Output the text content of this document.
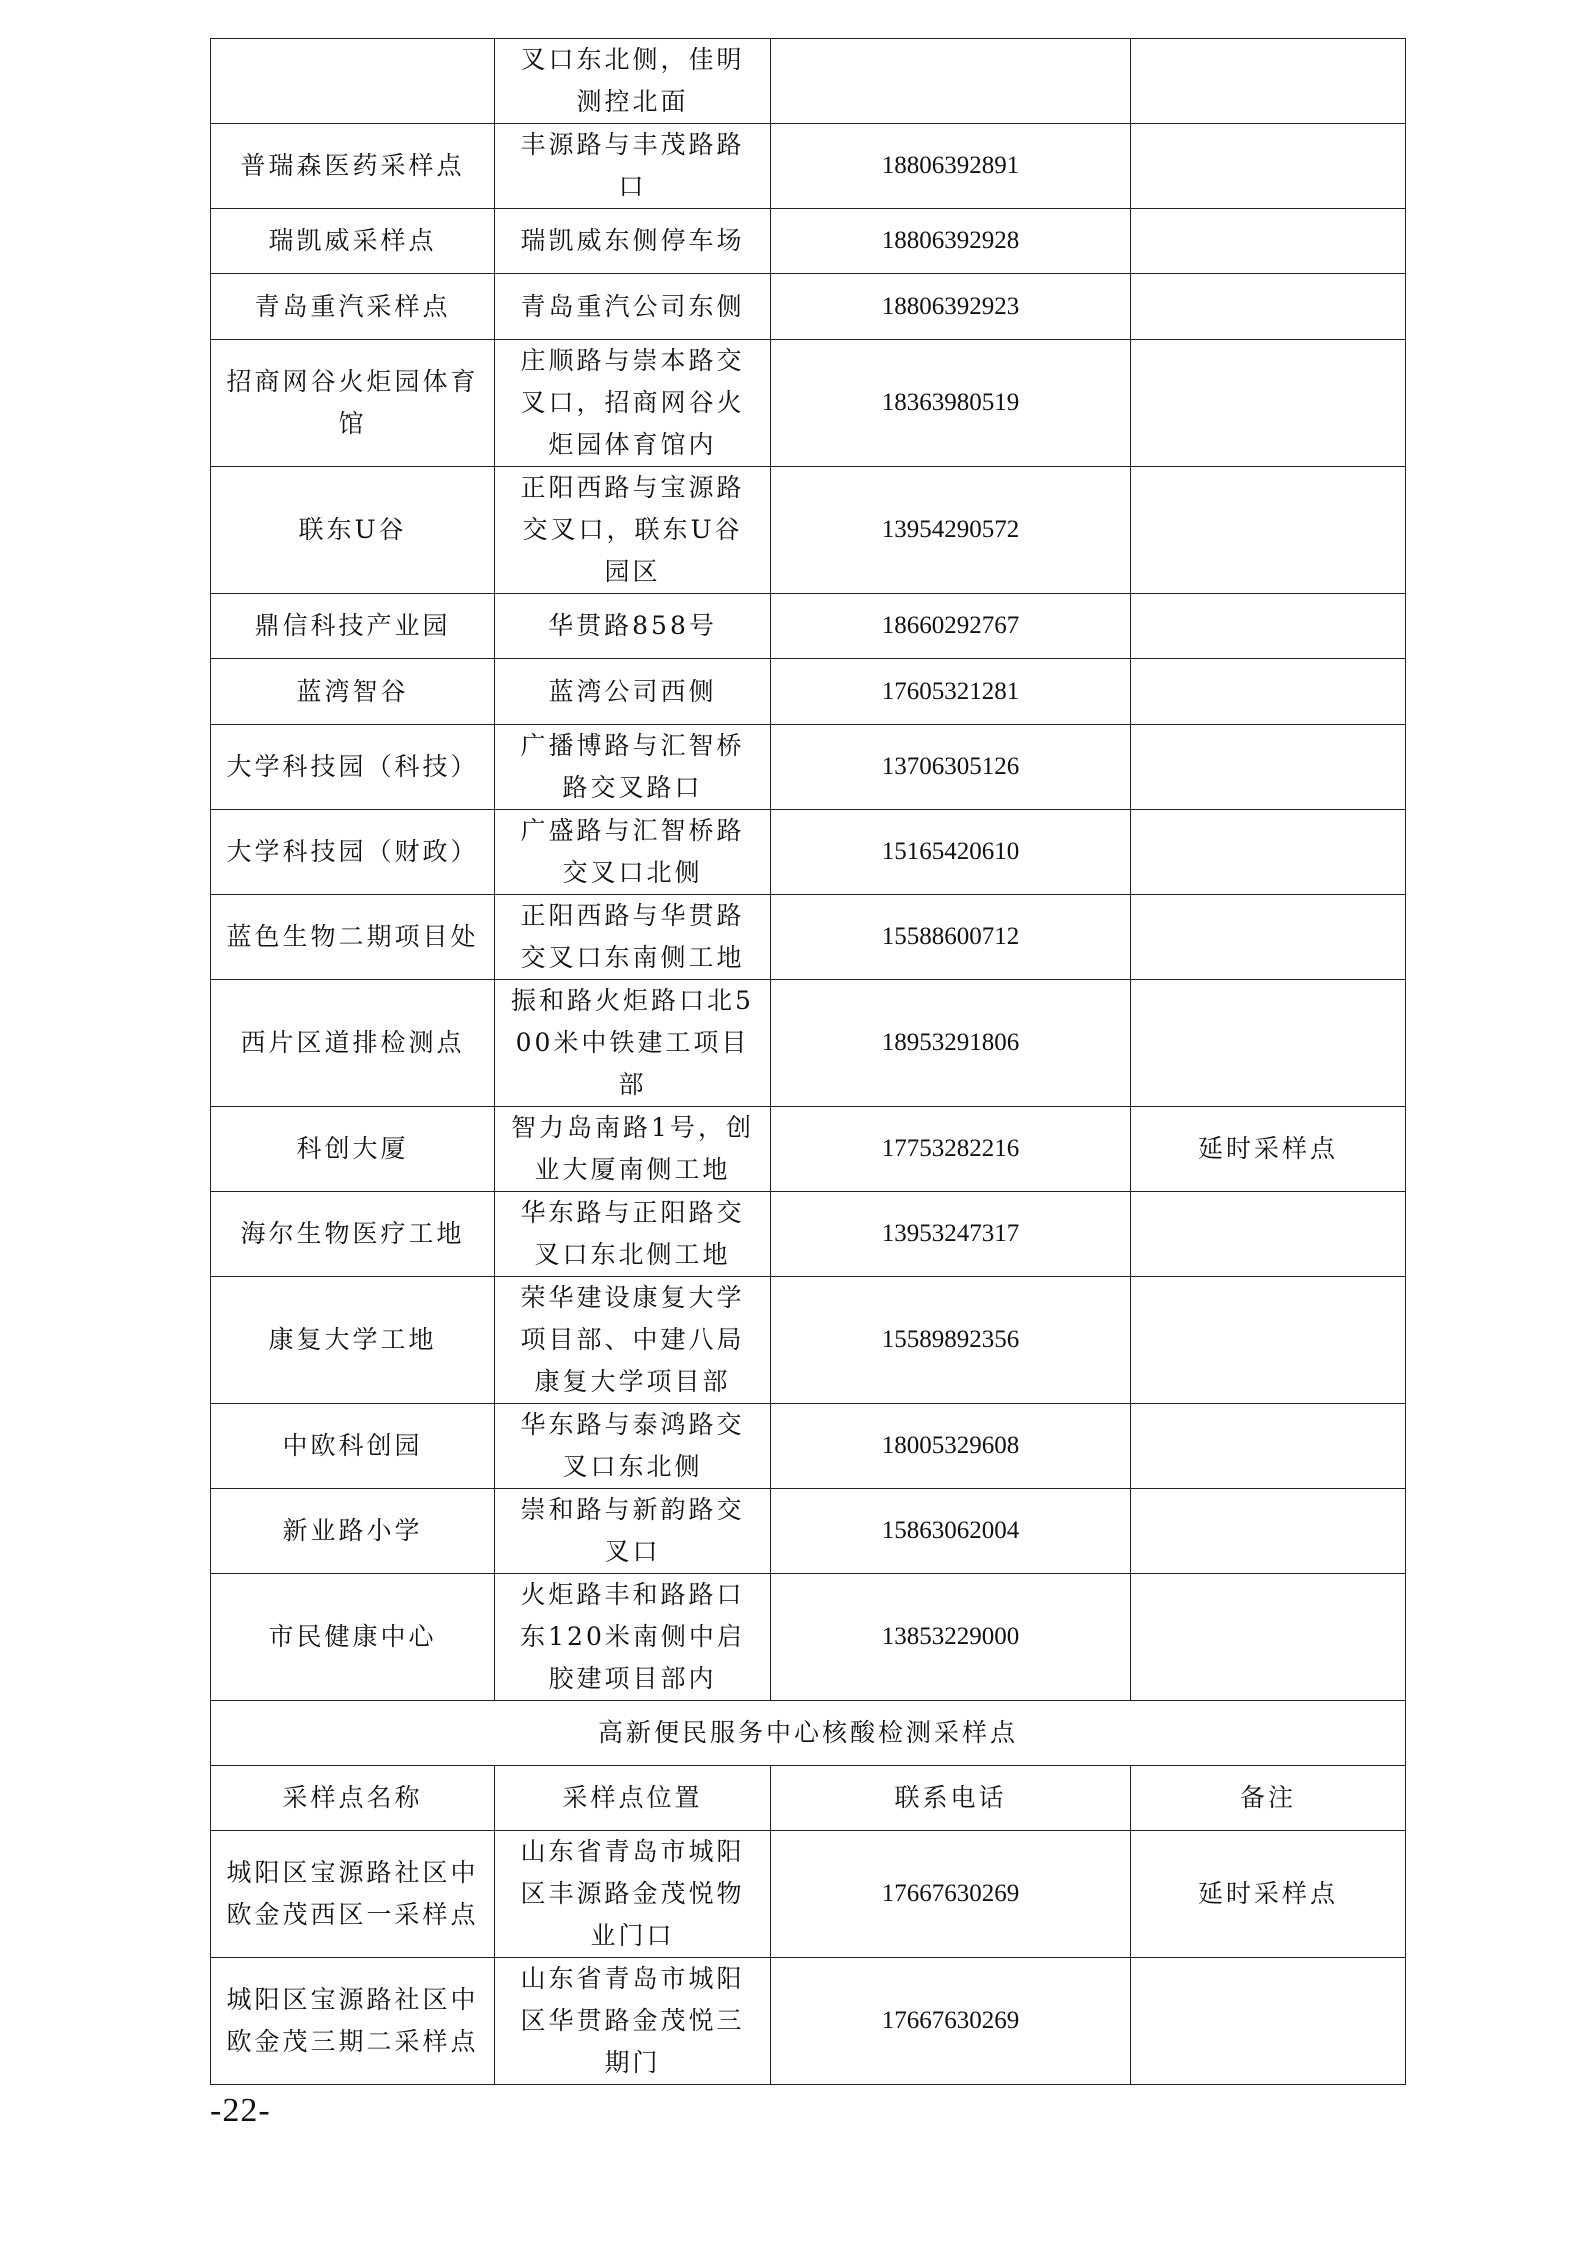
	叉口东北侧，佳明测控北面		
普瑞森医药采样点	丰源路与丰茂路路口	18806392891	
瑞凯威采样点	瑞凯威东侧停车场	18806392928	
青岛重汽采样点	青岛重汽公司东侧	18806392923	
招商网谷火炬园体育馆	庄顺路与崇本路交叉口，招商网谷火炬园体育馆内	18363980519	
联东U谷	正阳西路与宝源路交叉口，联东U谷园区	13954290572	
鼎信科技产业园	华贯路858号	18660292767	
蓝湾智谷	蓝湾公司西侧	17605321281	
大学科技园（科技）	广播博路与汇智桥路交叉路口	13706305126	
大学科技园（财政）	广盛路与汇智桥路交叉口北侧	15165420610	
蓝色生物二期项目处	正阳西路与华贯路交叉口东南侧工地	15588600712	
西片区道排检测点	振和路火炬路口北500米中铁建工项目部	18953291806	
科创大厦	智力岛南路1号，创业大厦南侧工地	17753282216	延时采样点
海尔生物医疗工地	华东路与正阳路交叉口东北侧工地	13953247317	
康复大学工地	荣华建设康复大学项目部、中建八局康复大学项目部	15589892356	
中欧科创园	华东路与泰鸿路交叉口东北侧	18005329608	
新业路小学	崇和路与新韵路交叉口	15863062004	
市民健康中心	火炬路丰和路路口东120米南侧中启胶建项目部内	13853229000	
高新便民服务中心核酸检测采样点			
采样点名称	采样点位置	联系电话	备注
城阳区宝源路社区中欧金茂西区一采样点	山东省青岛市城阳区丰源路金茂悦物业门口	17667630269	延时采样点
城阳区宝源路社区中欧金茂三期二采样点	山东省青岛市城阳区华贯路金茂悦三期门	17667630269	
-22-
